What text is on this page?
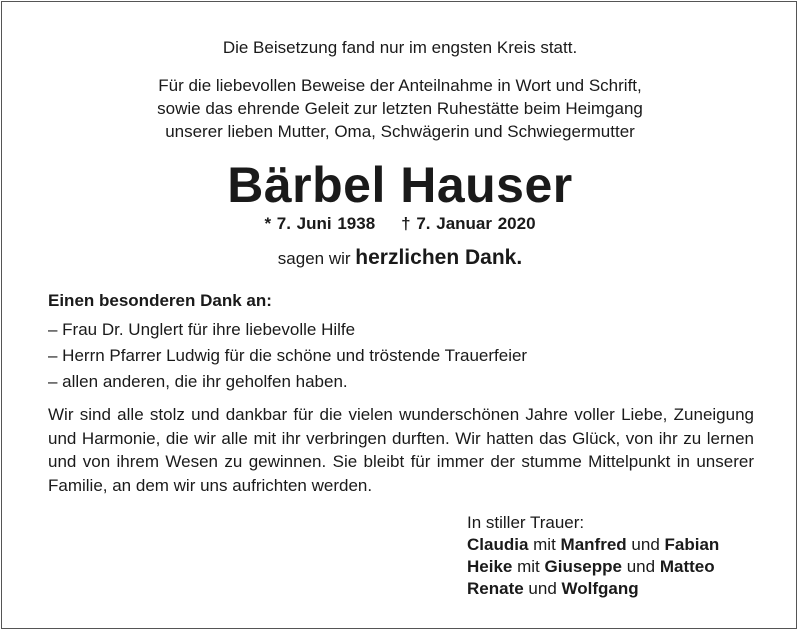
Die Beisetzung fand nur im engsten Kreis statt.
Für die liebevollen Beweise der Anteilnahme in Wort und Schrift,
sowie das ehrende Geleit zur letzten Ruhestätte beim Heimgang
unserer lieben Mutter, Oma, Schwägerin und Schwiegermutter
Bärbel Hauser
* 7. Juni 1938 † 7. Januar 2020
sagen wir herzlichen Dank.
Einen besonderen Dank an:
– Frau Dr. Unglert für ihre liebevolle Hilfe
– Herrn Pfarrer Ludwig für die schöne und tröstende Trauerfeier
– allen anderen, die ihr geholfen haben.
Wir sind alle stolz und dankbar für die vielen wunderschönen Jahre voller Liebe, Zuneigung und Harmonie, die wir alle mit ihr verbringen durften. Wir hatten das Glück, von ihr zu lernen und von ihrem Wesen zu gewinnen. Sie bleibt für immer der stumme Mittelpunkt in unserer Familie, an dem wir uns aufrichten werden.
In stiller Trauer:
Claudia mit Manfred und Fabian
Heike mit Giuseppe und Matteo
Renate und Wolfgang
